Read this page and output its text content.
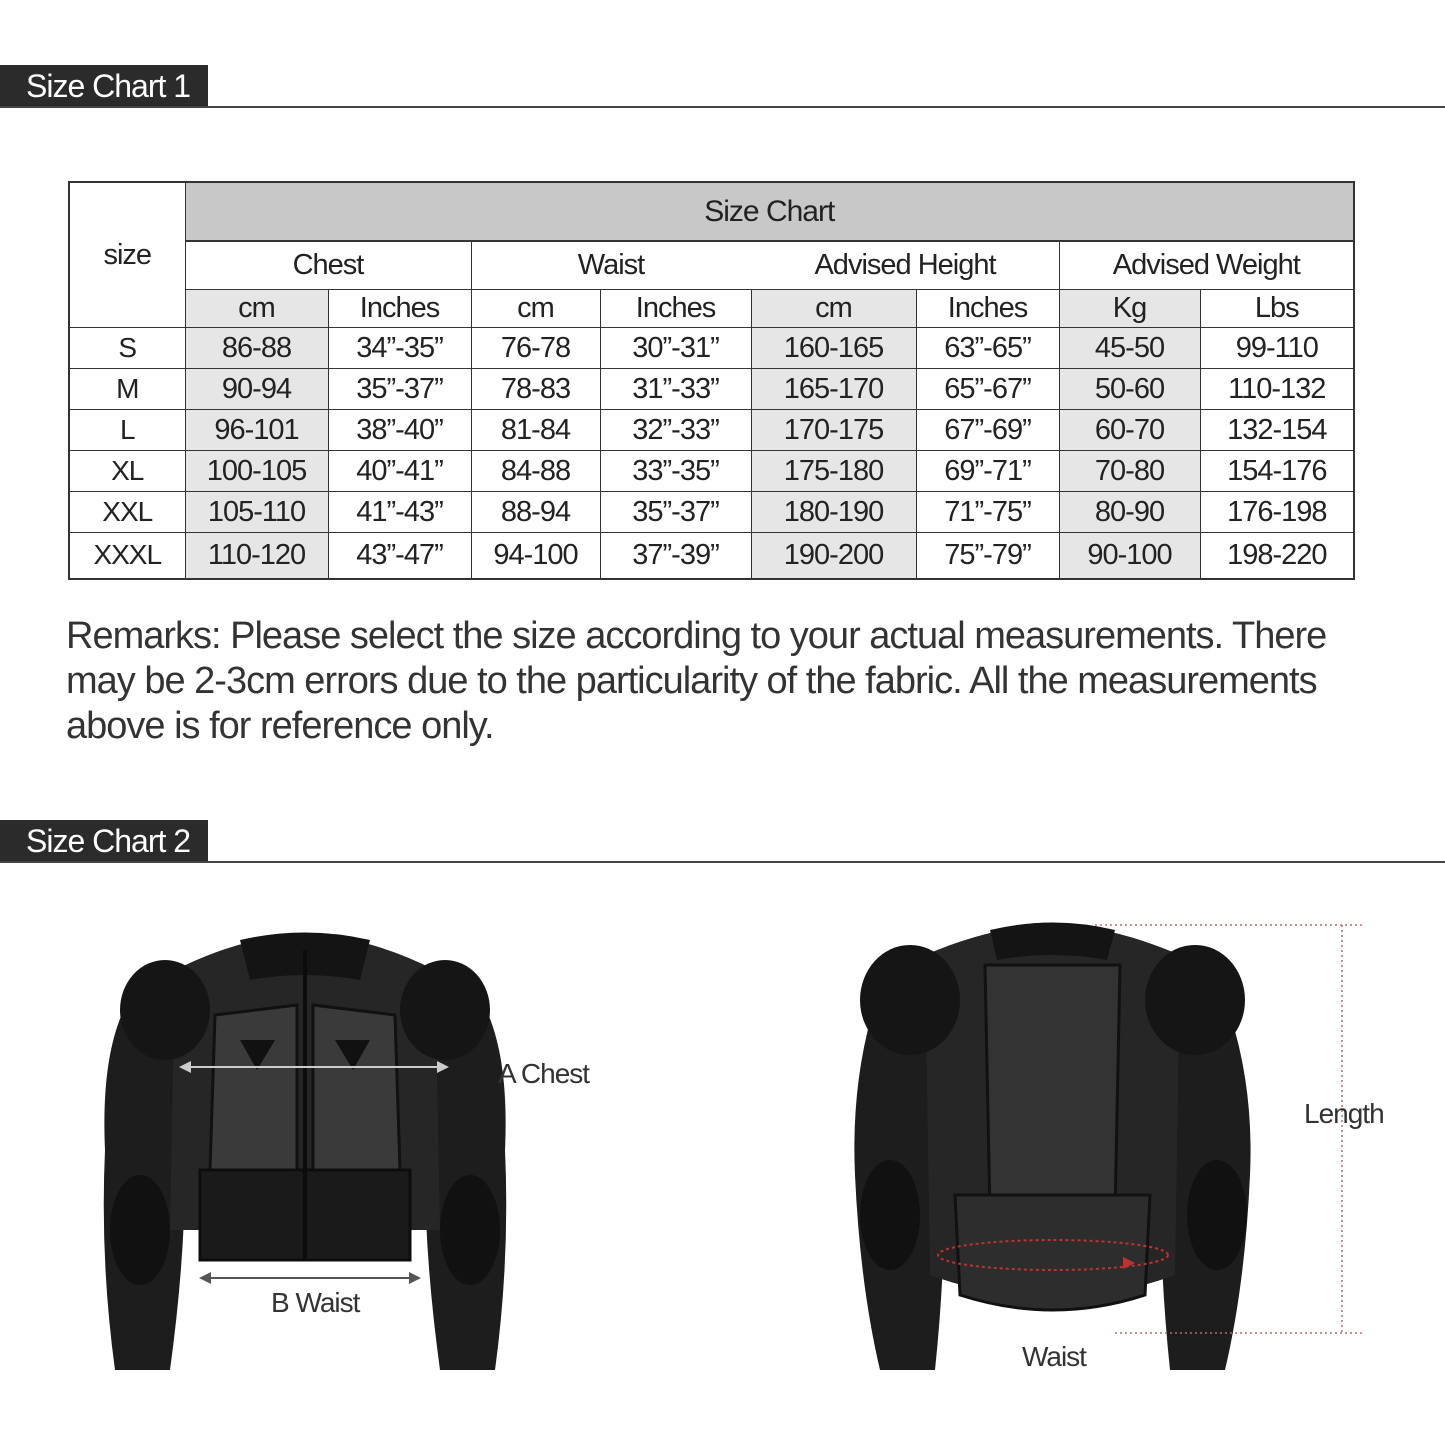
Size Chart 1
size	Size Chart							
	Chest		Waist		Advised Height		Advised Weight	
	cm	Inches	cm	Inches	cm	Inches	Kg	Lbs
S	86-88	34”-35”	76-78	30”-31”	160-165	63”-65”	45-50	99-110
M	90-94	35”-37”	78-83	31”-33”	165-170	65”-67”	50-60	110-132
L	96-101	38”-40”	81-84	32”-33”	170-175	67”-69”	60-70	132-154
XL	100-105	40”-41”	84-88	33”-35”	175-180	69”-71”	70-80	154-176
XXL	105-110	41”-43”	88-94	35”-37”	180-190	71”-75”	80-90	176-198
XXXL	110-120	43”-47”	94-100	37”-39”	190-200	75”-79”	90-100	198-220
Remarks: Please select the size according to your actual measurements. There may be 2-3cm errors due to the particularity of the fabric. All the measurements above is for reference only.
Size Chart 2
A Chest
B Waist
Length
Waist
